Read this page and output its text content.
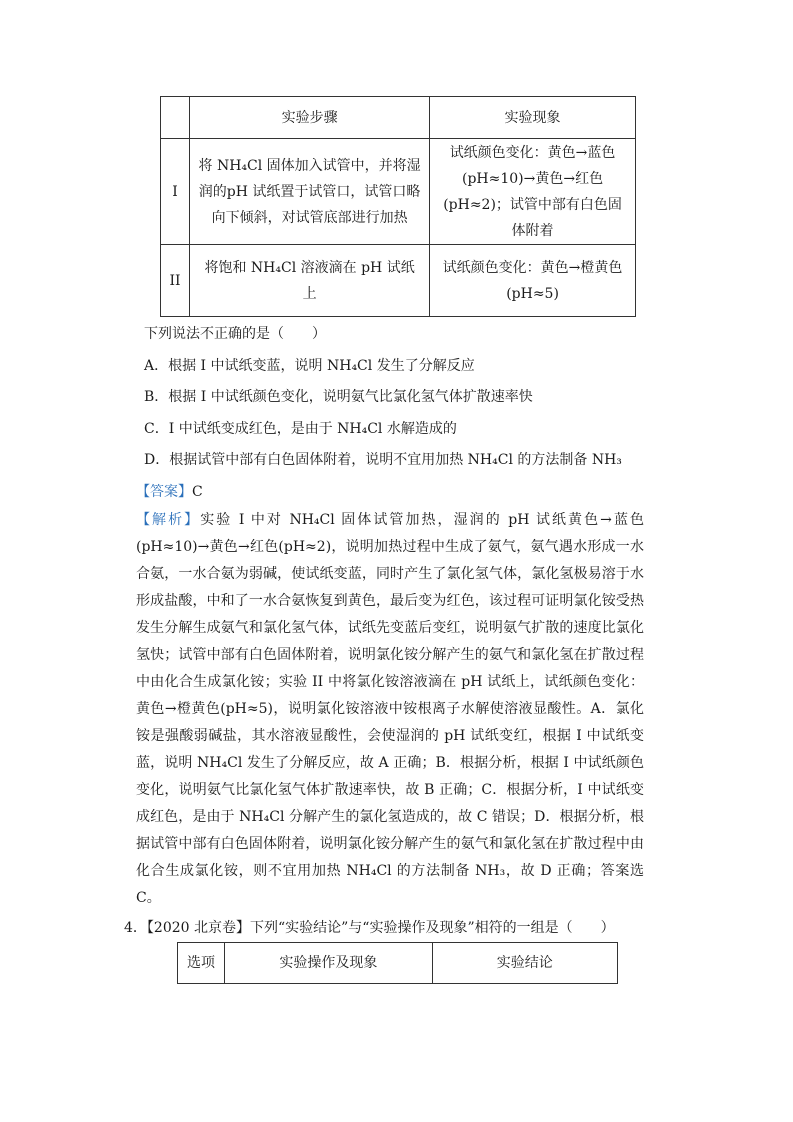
	实验步骤	实验现象
I	将 NH₄Cl 固体加入试管中，并将湿润的pH 试纸置于试管口，试管口略向下倾斜，对试管底部进行加热	试纸颜色变化：黄色→蓝色(pH≈10)→黄色→红色(pH≈2)；试管中部有白色固体附着
II	将饱和 NH₄Cl 溶液滴在 pH 试纸上	试纸颜色变化：黄色→橙黄色(pH≈5)
下列说法不正确的是（　　）
A．根据 I 中试纸变蓝，说明 NH₄Cl 发生了分解反应
B．根据 I 中试纸颜色变化，说明氨气比氯化氢气体扩散速率快
C．I 中试纸变成红色，是由于 NH₄Cl 水解造成的
D．根据试管中部有白色固体附着，说明不宜用加热 NH₄Cl 的方法制备 NH₃
【答案】C
【解析】实验 I 中对 NH₄Cl 固体试管加热，湿润的 pH 试纸黄色→蓝色(pH≈10)→黄色→红色(pH≈2)，说明加热过程中生成了氨气，氨气遇水形成一水合氨，一水合氨为弱碱，使试纸变蓝，同时产生了氯化氢气体，氯化氢极易溶于水形成盐酸，中和了一水合氨恢复到黄色，最后变为红色，该过程可证明氯化铵受热发生分解生成氨气和氯化氢气体，试纸先变蓝后变红，说明氨气扩散的速度比氯化氢快；试管中部有白色固体附着，说明氯化铵分解产生的氨气和氯化氢在扩散过程中由化合生成氯化铵；实验 II 中将氯化铵溶液滴在 pH 试纸上，试纸颜色变化：黄色→橙黄色(pH≈5)，说明氯化铵溶液中铵根离子水解使溶液显酸性。A．氯化铵是强酸弱碱盐，其水溶液显酸性，会使湿润的 pH 试纸变红，根据 I 中试纸变蓝，说明 NH₄Cl 发生了分解反应，故 A 正确；B．根据分析，根据 I 中试纸颜色变化，说明氨气比氯化氢气体扩散速率快，故 B 正确；C．根据分析，I 中试纸变成红色，是由于 NH₄Cl 分解产生的氯化氢造成的，故 C 错误；D．根据分析，根据试管中部有白色固体附着，说明氯化铵分解产生的氨气和氯化氢在扩散过程中由化合生成氯化铵，则不宜用加热 NH₄Cl 的方法制备 NH₃，故 D 正确；答案选 C。
4．【2020 北京卷】下列“实验结论”与“实验操作及现象”相符的一组是（　　）
选项	实验操作及现象	实验结论
